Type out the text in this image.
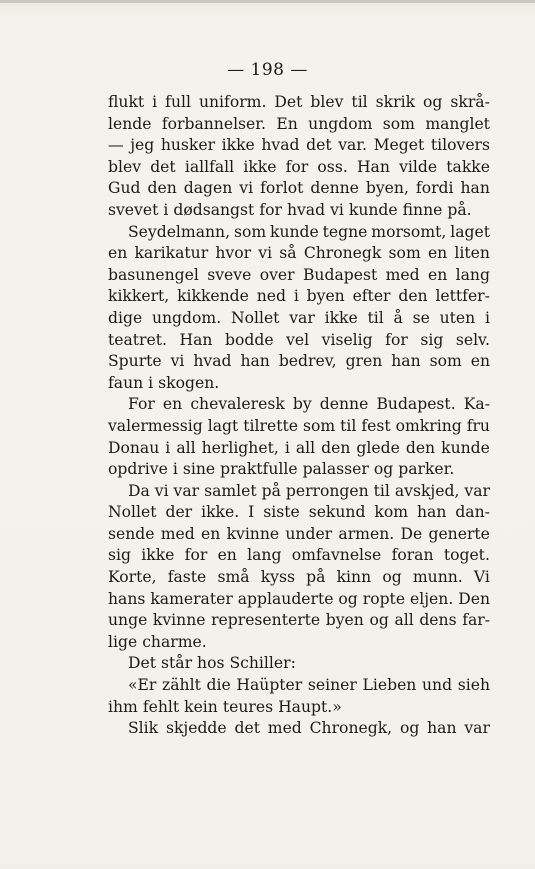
— 198 —
flukt i full uniform. Det blev til skrik og skrå-
lende forbannelser. En ungdom som manglet
— jeg husker ikke hvad det var. Meget tilovers
blev det iallfall ikke for oss. Han vilde takke
Gud den dagen vi forlot denne byen, fordi han
svevet i dødsangst for hvad vi kunde finne på.
Seydelmann, som kunde tegne morsomt, laget
en karikatur hvor vi så Chronegk som en liten
basunengel sveve over Budapest med en lang
kikkert, kikkende ned i byen efter den lettfer-
dige ungdom. Nollet var ikke til å se uten i
teatret. Han bodde vel viselig for sig selv.
Spurte vi hvad han bedrev, gren han som en
faun i skogen.
For en chevaleresk by denne Budapest. Ka-
valermessig lagt tilrette som til fest omkring fru
Donau i all herlighet, i all den glede den kunde
opdrive i sine praktfulle palasser og parker.
Da vi var samlet på perrongen til avskjed, var
Nollet der ikke. I siste sekund kom han dan-
sende med en kvinne under armen. De generte
sig ikke for en lang omfavnelse foran toget.
Korte, faste små kyss på kinn og munn. Vi
hans kamerater applauderte og ropte eljen. Den
unge kvinne representerte byen og all dens far-
lige charme.
Det står hos Schiller:
«Er zählt die Haüpter seiner Lieben und sieh
ihm fehlt kein teures Haupt.»
Slik skjedde det med Chronegk, og han var
